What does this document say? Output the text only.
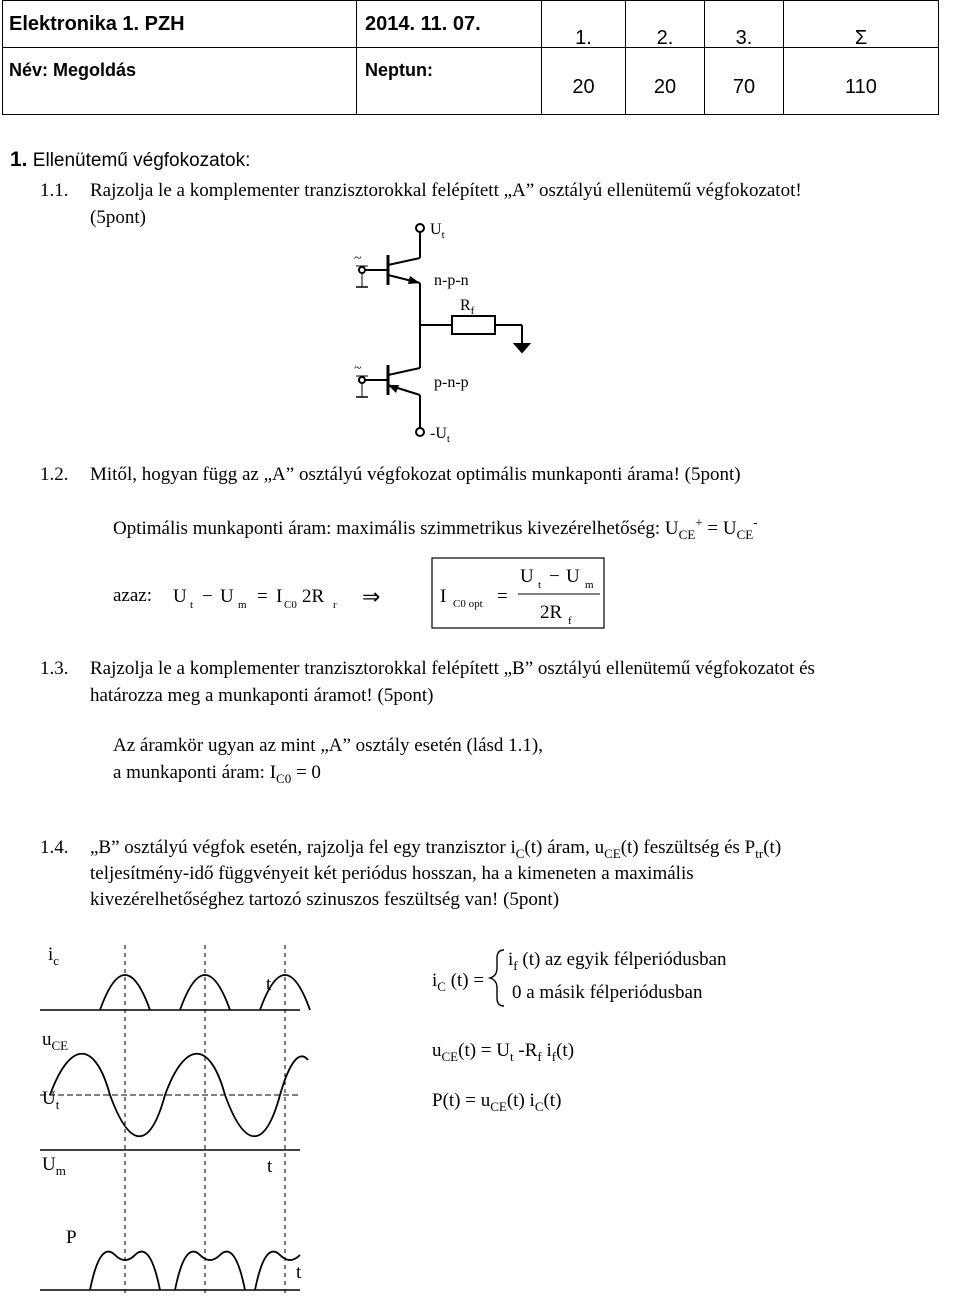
Elektronika 1. PZH	2014. 11. 07.	1.	2.	3.	Σ
Név: Megoldás	Neptun:	20	20	70	110
1. Ellenütemű végfokozatok:
1.1. Rajzolja le a komplementer tranzisztorokkal felépített „A” osztályú ellenütemű végfokozatot!
(5pont)
~
~
$U_t$
n-p-n
$R_f$
p-n-p
$-U_t$
1.2. Mitől, hogyan függ az „A” osztályú végfokozat optimális munkaponti árama! (5pont)
Optimális munkaponti áram: maximális szimmetrikus kivezérelhetőség: $U_{CE}^+ = U_{CE}^-$
azaz: U t − U m = I C0 2R r ⇒	I C0 opt =
U t − U m
2R f
1.3. Rajzolja le a komplementer tranzisztorokkal felépített „B” osztályú ellenütemű végfokozatot és
határozza meg a munkaponti áramot! (5pont)
Az áramkör ugyan az mint „A” osztály esetén (lásd 1.1),
a munkaponti áram: $I_{C0} = 0$
1.4. „B” osztályú végfok esetén, rajzolja fel egy tranzisztor $i_C(t)$ áram, $u_{CE}(t)$ feszültség és $P_{tr}(t)$
teljesítmény-idő függvényeit két periódus hosszan, ha a kimeneten a maximális
kivezérelhetőséghez tartozó szinuszos feszültség van! (5pont)
$i_c$
t
$u_{CE}$
$U_t$
$U_m$	t
P
t
$i_C$ (t) =
$i_f$ (t) az egyik félperiódusban
0 a másik félperiódusban
$u_{CE}(t) = U_t$ $-R_f$ $i_f(t)$
$P(t) = u_{CE}(t)$ $i_C(t)$
